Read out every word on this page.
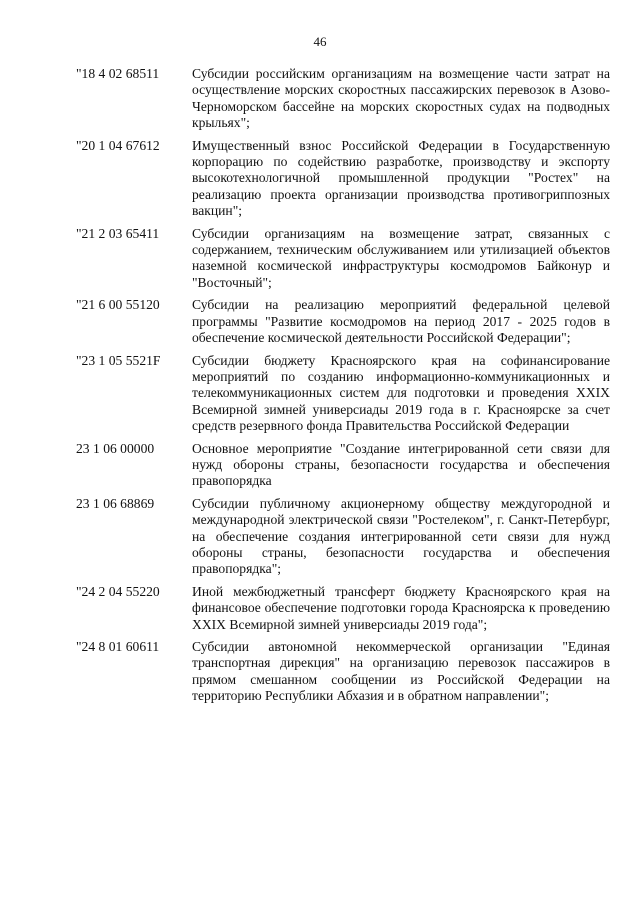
46
"18 4 02 68511	Субсидии российским организациям на возмещение части затрат на осуществление морских скоростных пассажирских перевозок в Азово-Черноморском бассейне на морских скоростных судах на подводных крыльях";
"20 1 04 67612	Имущественный взнос Российской Федерации в Государственную корпорацию по содействию разработке, производству и экспорту высокотехнологичной промышленной продукции "Ростех" на реализацию проекта организации производства противогриппозных вакцин";
"21 2 03 65411	Субсидии организациям на возмещение затрат, связанных с содержанием, техническим обслуживанием или утилизацией объектов наземной космической инфраструктуры космодромов Байконур и "Восточный";
"21 6 00 55120	Субсидии на реализацию мероприятий федеральной целевой программы "Развитие космодромов на период 2017 - 2025 годов в обеспечение космической деятельности Российской Федерации";
"23 1 05 5521F	Субсидии бюджету Красноярского края на софинансирование мероприятий по созданию информационно-коммуникационных и телекоммуникационных систем для подготовки и проведения XXIX Всемирной зимней универсиады 2019 года в г. Красноярске за счет средств резервного фонда Правительства Российской Федерации
23 1 06 00000	Основное мероприятие "Создание интегрированной сети связи для нужд обороны страны, безопасности государства и обеспечения правопорядка
23 1 06 68869	Субсидии публичному акционерному обществу междугородной и международной электрической связи "Ростелеком", г. Санкт-Петербург, на обеспечение создания интегрированной сети связи для нужд обороны страны, безопасности государства и обеспечения правопорядка";
"24 2 04 55220	Иной межбюджетный трансферт бюджету Красноярского края на финансовое обеспечение подготовки города Красноярска к проведению XXIX Всемирной зимней универсиады 2019 года";
"24 8 01 60611	Субсидии автономной некоммерческой организации "Единая транспортная дирекция" на организацию перевозок пассажиров в прямом смешанном сообщении из Российской Федерации на территорию Республики Абхазия и в обратном направлении";
